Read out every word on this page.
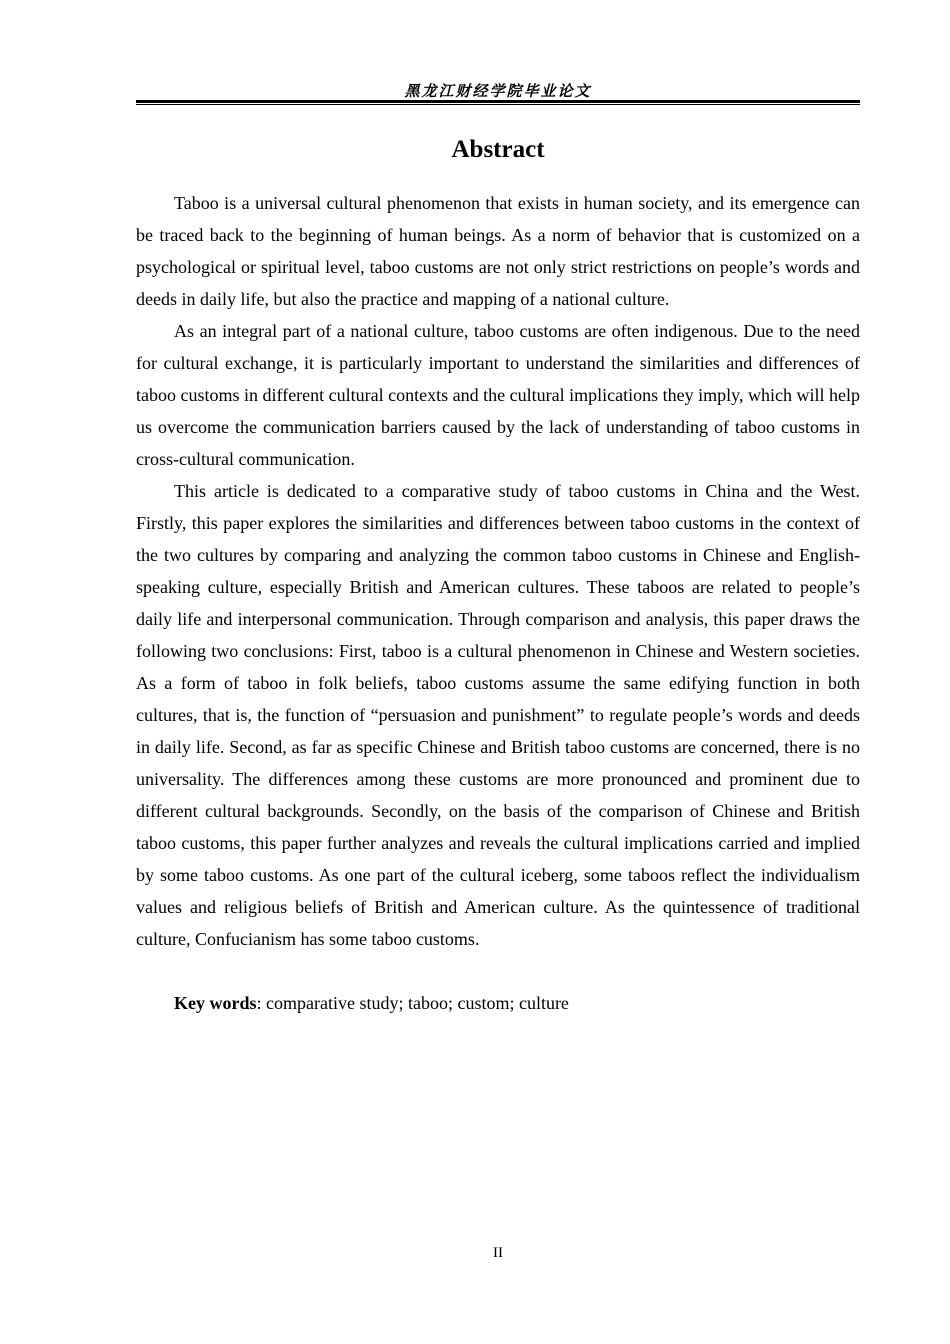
黑龙江财经学院毕业论文
Abstract

Taboo is a universal cultural phenomenon that exists in human society, and its emergence can be traced back to the beginning of human beings. As a norm of behavior that is customized on a psychological or spiritual level, taboo customs are not only strict restrictions on people’s words and deeds in daily life, but also the practice and mapping of a national culture.

As an integral part of a national culture, taboo customs are often indigenous. Due to the need for cultural exchange, it is particularly important to understand the similarities and differences of taboo customs in different cultural contexts and the cultural implications they imply, which will help us overcome the communication barriers caused by the lack of understanding of taboo customs in cross-cultural communication.

This article is dedicated to a comparative study of taboo customs in China and the West. Firstly, this paper explores the similarities and differences between taboo customs in the context of the two cultures by comparing and analyzing the common taboo customs in Chinese and English-speaking culture, especially British and American cultures. These taboos are related to people’s daily life and interpersonal communication. Through comparison and analysis, this paper draws the following two conclusions: First, taboo is a cultural phenomenon in Chinese and Western societies. As a form of taboo in folk beliefs, taboo customs assume the same edifying function in both cultures, that is, the function of “persuasion and punishment” to regulate people’s words and deeds in daily life. Second, as far as specific Chinese and British taboo customs are concerned, there is no universality. The differences among these customs are more pronounced and prominent due to different cultural backgrounds. Secondly, on the basis of the comparison of Chinese and British taboo customs, this paper further analyzes and reveals the cultural implications carried and implied by some taboo customs. As one part of the cultural iceberg, some taboos reflect the individualism values and religious beliefs of British and American culture. As the quintessence of traditional culture, Confucianism has some taboo customs.

Key words: comparative study; taboo; custom; culture

II
